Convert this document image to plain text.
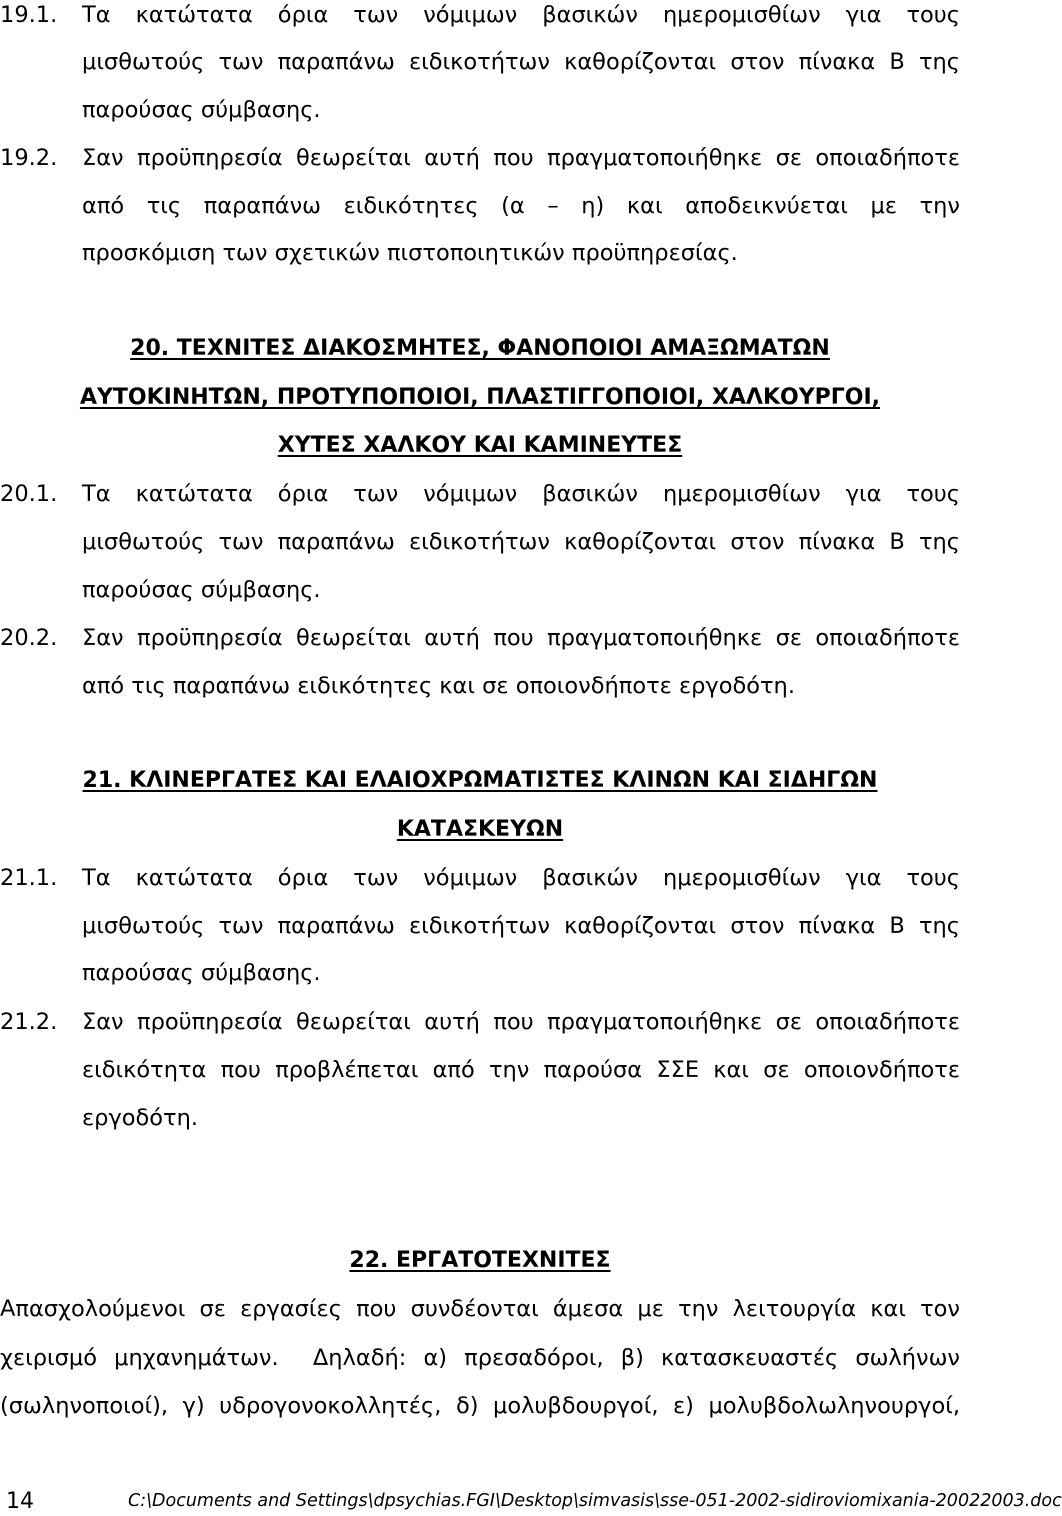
19.1. Τα κατώτατα όρια των νόμιμων βασικών ημερομισθίων για τους
μισθωτούς των παραπάνω ειδικοτήτων καθορίζονται στον πίνακα Β της
παρούσας σύμβασης.
19.2. Σαν προϋπηρεσία θεωρείται αυτή που πραγματοποιήθηκε σε οποιαδήποτε
από τις παραπάνω ειδικότητες (α – η) και αποδεικνύεται με την
προσκόμιση των σχετικών πιστοποιητικών προϋπηρεσίας.
20. ΤΕΧΝΙΤΕΣ ΔΙΑΚΟΣΜΗΤΕΣ, ΦΑΝΟΠΟΙΟΙ ΑΜΑΞΩΜΑΤΩΝ
ΑΥΤΟΚΙΝΗΤΩΝ, ΠΡΟΤΥΠΟΠΟΙΟΙ, ΠΛΑΣΤΙΓΓΟΠΟΙΟΙ, ΧΑΛΚΟΥΡΓΟΙ,
ΧΥΤΕΣ ΧΑΛΚΟΥ ΚΑΙ ΚΑΜΙΝΕΥΤΕΣ
20.1. Τα κατώτατα όρια των νόμιμων βασικών ημερομισθίων για τους
μισθωτούς των παραπάνω ειδικοτήτων καθορίζονται στον πίνακα Β της
παρούσας σύμβασης.
20.2. Σαν προϋπηρεσία θεωρείται αυτή που πραγματοποιήθηκε σε οποιαδήποτε
από τις παραπάνω ειδικότητες και σε οποιονδήποτε εργοδότη.
21. ΚΛΙΝΕΡΓΑΤΕΣ ΚΑΙ ΕΛΑΙΟΧΡΩΜΑΤΙΣΤΕΣ ΚΛΙΝΩΝ ΚΑΙ ΣΙΔΗΓΩΝ
ΚΑΤΑΣΚΕΥΩΝ
21.1. Τα κατώτατα όρια των νόμιμων βασικών ημερομισθίων για τους
μισθωτούς των παραπάνω ειδικοτήτων καθορίζονται στον πίνακα Β της
παρούσας σύμβασης.
21.2. Σαν προϋπηρεσία θεωρείται αυτή που πραγματοποιήθηκε σε οποιαδήποτε
ειδικότητα που προβλέπεται από την παρούσα ΣΣΕ και σε οποιονδήποτε
εργοδότη.
22. ΕΡΓΑΤΟΤΕΧΝΙΤΕΣ
Απασχολούμενοι σε εργασίες που συνδέονται άμεσα με την λειτουργία και τον
χειρισμό μηχανημάτων.  Δηλαδή: α) πρεσαδόροι, β) κατασκευαστές σωλήνων
(σωληνοποιοί), γ) υδρογονοκολλητές, δ) μολυβδουργοί, ε) μολυβδολωληνουργοί,
14	C:\Documents and Settings\dpsychias.FGI\Desktop\simvasis\sse-051-2002-sidiroviomixania-20022003.doc
